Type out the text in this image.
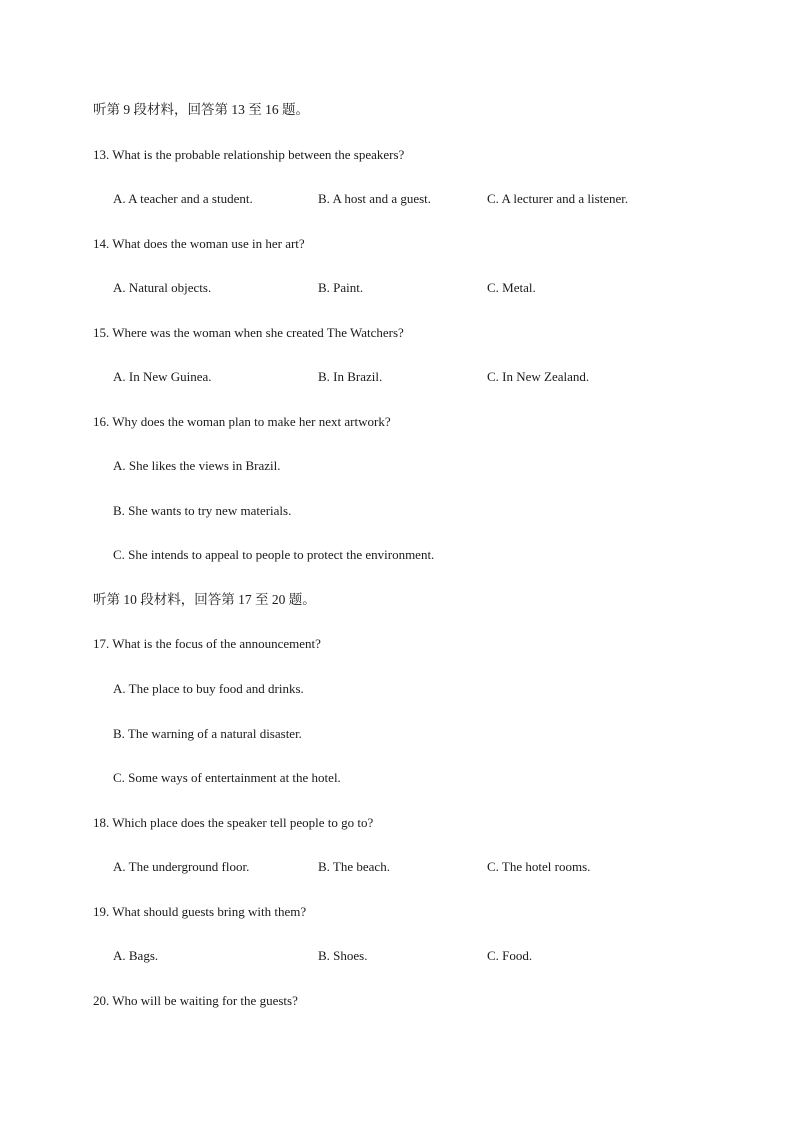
听第 9 段材料，回答第 13 至 16 题。
13. What is the probable relationship between the speakers?
A. A teacher and a student.	B. A host and a guest.	C. A lecturer and a listener.
14. What does the woman use in her art?
A. Natural objects.	B. Paint.	C. Metal.
15. Where was the woman when she created The Watchers?
A. In New Guinea.	B. In Brazil.	C. In New Zealand.
16. Why does the woman plan to make her next artwork?
A. She likes the views in Brazil.
B. She wants to try new materials.
C. She intends to appeal to people to protect the environment.
听第 10 段材料，回答第 17 至 20 题。
17. What is the focus of the announcement?
A. The place to buy food and drinks.
B. The warning of a natural disaster.
C. Some ways of entertainment at the hotel.
18. Which place does the speaker tell people to go to?
A. The underground floor.	B. The beach.	C. The hotel rooms.
19. What should guests bring with them?
A. Bags.	B. Shoes.	C. Food.
20. Who will be waiting for the guests?
